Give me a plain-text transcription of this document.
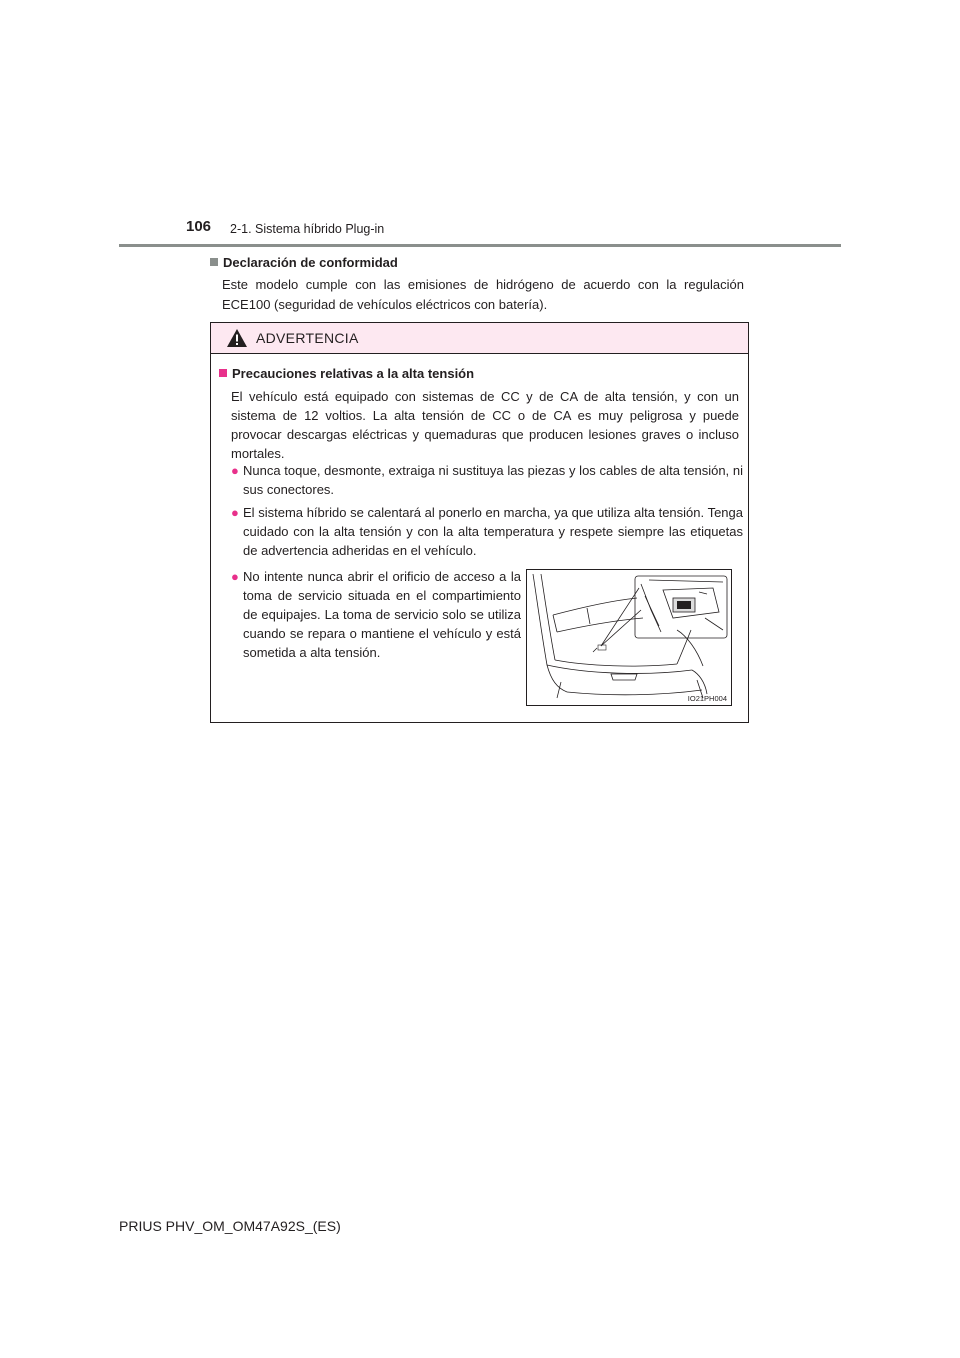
106 2-1. Sistema híbrido Plug-in
Declaración de conformidad
Este modelo cumple con las emisiones de hidrógeno de acuerdo con la regulación ECE100 (seguridad de vehículos eléctricos con batería).
ADVERTENCIA
Precauciones relativas a la alta tensión
El vehículo está equipado con sistemas de CC y de CA de alta tensión, y con un sistema de 12 voltios. La alta tensión de CC o de CA es muy peligrosa y puede provocar descargas eléctricas y quemaduras que producen lesiones graves o incluso mortales.
● Nunca toque, desmonte, extraiga ni sustituya las piezas y los cables de alta tensión, ni sus conectores.
● El sistema híbrido se calentará al ponerlo en marcha, ya que utiliza alta tensión. Tenga cuidado con la alta tensión y con la alta temperatura y respete siempre las etiquetas de advertencia adheridas en el vehículo.
● No intente nunca abrir el orificio de acceso a la toma de servicio situada en el compartimiento de equipajes. La toma de servicio solo se utiliza cuando se repara o mantiene el vehículo y está sometida a alta tensión.
IO21PH004
PRIUS PHV_OM_OM47A92S_(ES)
